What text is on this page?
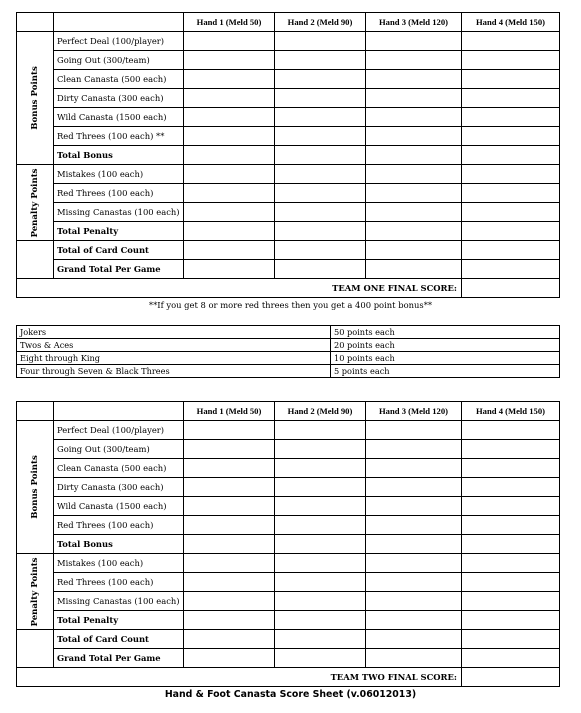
		Hand 1 (Meld 50)	Hand 2 (Meld 90)	Hand 3 (Meld 120)	Hand 4 (Meld 150)

Bonus Points	Perfect Deal (100/player)				
	Going Out (300/team)				
	Clean Canasta (500 each)				
	Dirty Canasta (300 each)				
	Wild Canasta (1500 each)				
	Red Threes (100 each) **				
	Total Bonus				

Penalty Points	Mistakes (100 each)				
	Red Threes (100 each)				
	Missing Canastas (100 each)				
	Total Penalty				
	Total of Card Count				
	Grand Total Per Game				
TEAM ONE FINAL SCORE:					
**If you get 8 or more red threes then you get a 400 point bonus**
Jokers	50 points each
Twos & Aces	20 points each
Eight through King	10 points each
Four through Seven & Black Threes	5 points each
		Hand 1 (Meld 50)	Hand 2 (Meld 90)	Hand 3 (Meld 120)	Hand 4 (Meld 150)

Bonus Points	Perfect Deal (100/player)				
	Going Out (300/team)				
	Clean Canasta (500 each)				
	Dirty Canasta (300 each)				
	Wild Canasta (1500 each)				
	Red Threes (100 each)				
	Total Bonus				

Penalty Points	Mistakes (100 each)				
	Red Threes (100 each)				
	Missing Canastas (100 each)				
	Total Penalty				
	Total of Card Count				
	Grand Total Per Game				
TEAM TWO FINAL SCORE:					
Hand & Foot Canasta Score Sheet (v.06012013)
